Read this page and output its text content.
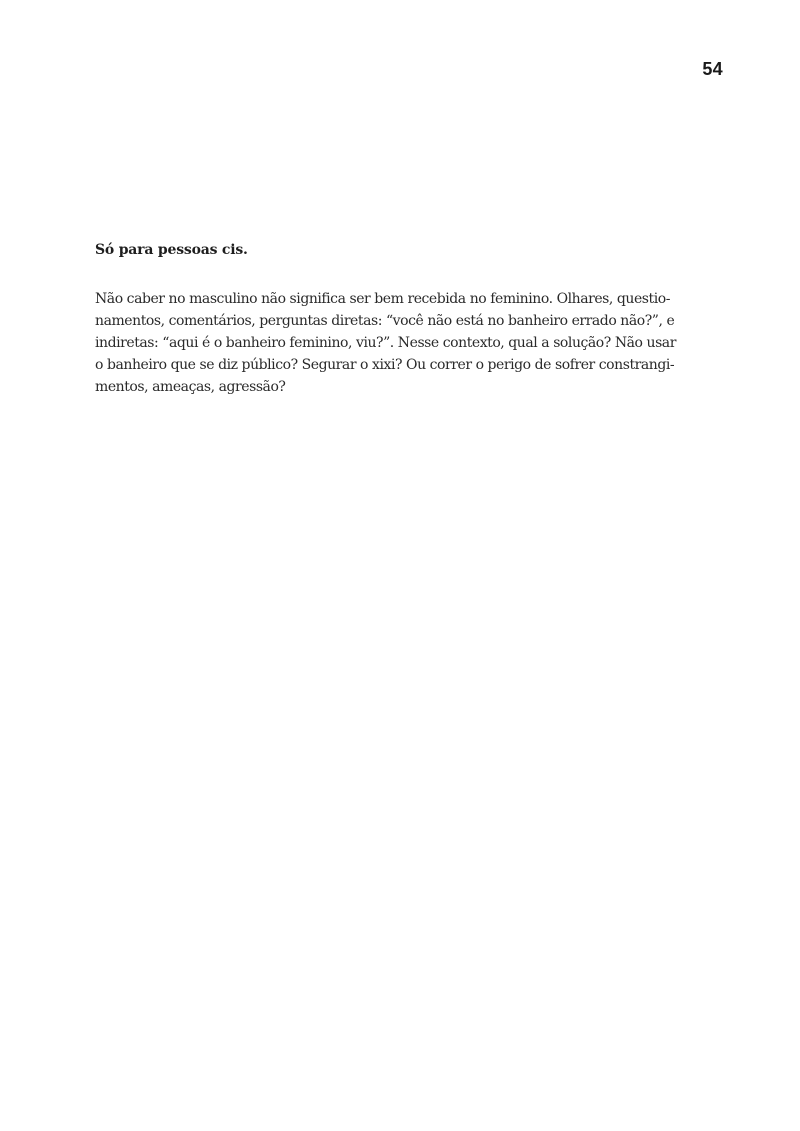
54
Só para pessoas cis.
Não caber no masculino não significa ser bem recebida no feminino. Olhares, questio-
namentos, comentários, perguntas diretas: “você não está no banheiro errado não?”, e
indiretas: “aqui é o banheiro feminino, viu?”. Nesse contexto, qual a solução? Não usar
o banheiro que se diz público? Segurar o xixi? Ou correr o perigo de sofrer constrangi-
mentos, ameaças, agressão?
